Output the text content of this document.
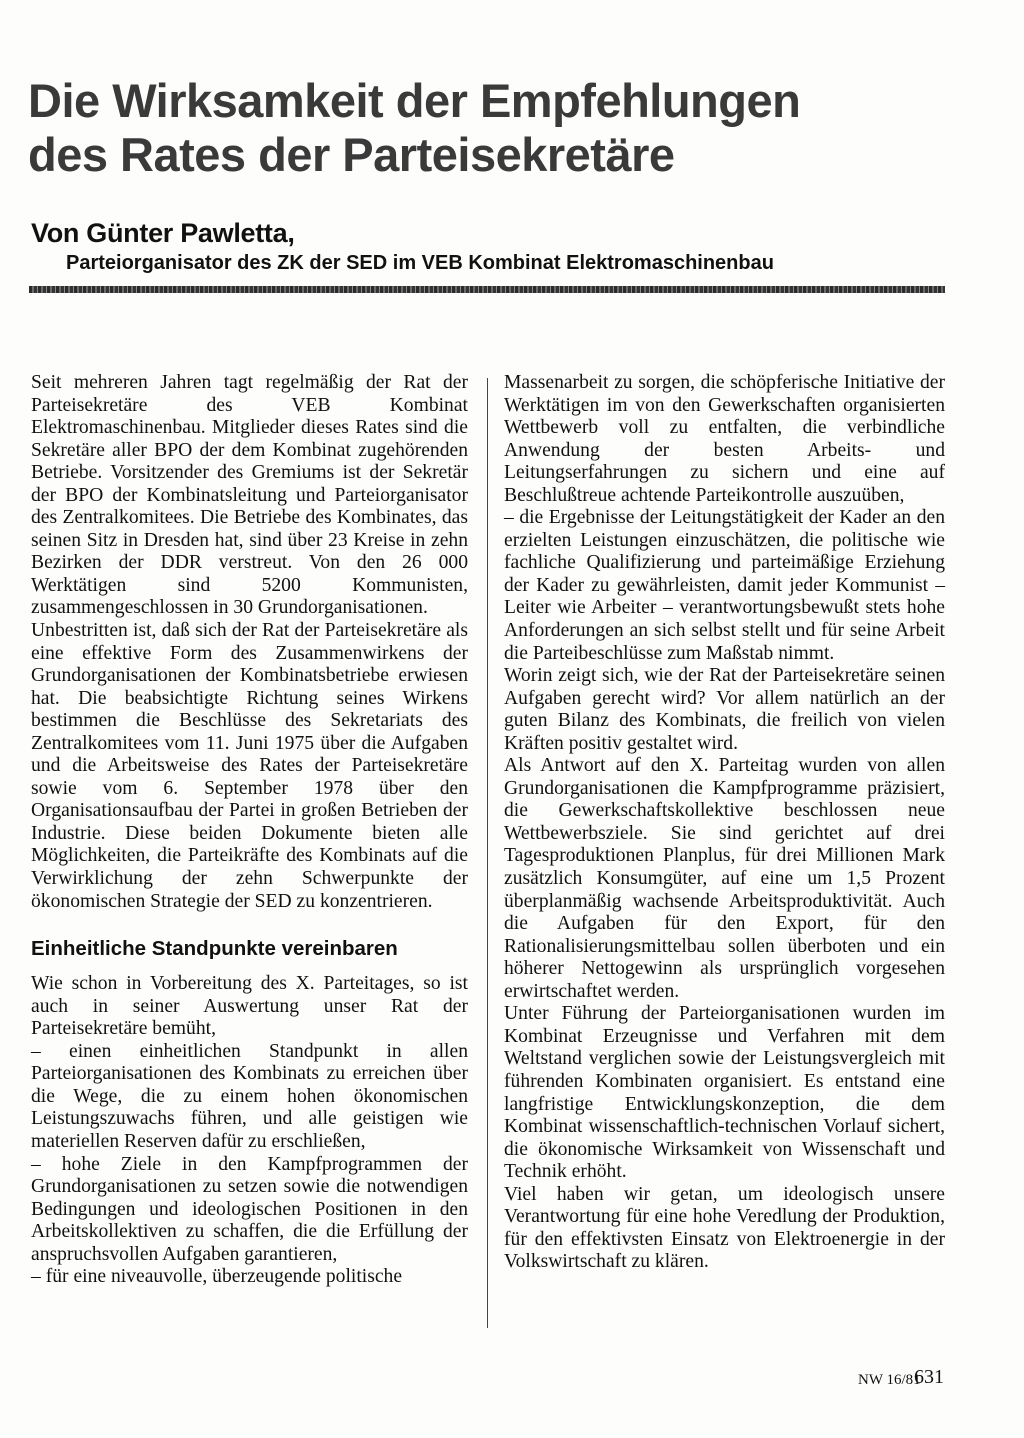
Die Wirksamkeit der Empfehlungen
des Rates der Parteisekretäre

Von Günter Pawletta,

Parteiorganisator des ZK der SED im VEB Kombinat Elektromaschinenbau

Seit mehreren Jahren tagt regelmäßig der Rat der Parteisekretäre des VEB Kombinat Elektromaschinenbau. Mitglieder dieses Rates sind die Sekretäre aller BPO der dem Kombinat zugehörenden Betriebe. Vorsitzender des Gremiums ist der Sekretär der BPO der Kombinatsleitung und Parteiorganisator des Zentralkomitees. Die Betriebe des Kombinates, das seinen Sitz in Dresden hat, sind über 23 Kreise in zehn Bezirken der DDR verstreut. Von den 26 000 Werktätigen sind 5200 Kommunisten, zusammengeschlossen in 30 Grundorganisationen.

Unbestritten ist, daß sich der Rat der Parteisekretäre als eine effektive Form des Zusammenwirkens der Grundorganisationen der Kombinatsbetriebe erwiesen hat. Die beabsichtigte Richtung seines Wirkens bestimmen die Beschlüsse des Sekretariats des Zentralkomitees vom 11. Juni 1975 über die Aufgaben und die Arbeitsweise des Rates der Parteisekretäre sowie vom 6. September 1978 über den Organisationsaufbau der Partei in großen Betrieben der Industrie. Diese beiden Dokumente bieten alle Möglichkeiten, die Parteikräfte des Kombinats auf die Verwirklichung der zehn Schwerpunkte der ökonomischen Strategie der SED zu konzentrieren.

Einheitliche Standpunkte vereinbaren

Wie schon in Vorbereitung des X. Parteitages, so ist auch in seiner Auswertung unser Rat der Parteisekretäre bemüht,

– einen einheitlichen Standpunkt in allen Parteiorganisationen des Kombinats zu erreichen über die Wege, die zu einem hohen ökonomischen Leistungszuwachs führen, und alle geistigen wie materiellen Reserven dafür zu erschließen,

– hohe Ziele in den Kampfprogrammen der Grundorganisationen zu setzen sowie die notwendigen Bedingungen und ideologischen Positionen in den Arbeitskollektiven zu schaffen, die die Erfüllung der anspruchsvollen Aufgaben garantieren,

– für eine niveauvolle, überzeugende politische

Massenarbeit zu sorgen, die schöpferische Initiative der Werktätigen im von den Gewerkschaften organisierten Wettbewerb voll zu entfalten, die verbindliche Anwendung der besten Arbeits- und Leitungserfahrungen zu sichern und eine auf Beschlußtreue achtende Parteikontrolle auszuüben,

– die Ergebnisse der Leitungstätigkeit der Kader an den erzielten Leistungen einzuschätzen, die politische wie fachliche Qualifizierung und parteimäßige Erziehung der Kader zu gewährleisten, damit jeder Kommunist – Leiter wie Arbeiter – verantwortungsbewußt stets hohe Anforderungen an sich selbst stellt und für seine Arbeit die Parteibeschlüsse zum Maßstab nimmt.

Worin zeigt sich, wie der Rat der Parteisekretäre seinen Aufgaben gerecht wird? Vor allem natürlich an der guten Bilanz des Kombinats, die freilich von vielen Kräften positiv gestaltet wird.

Als Antwort auf den X. Parteitag wurden von allen Grundorganisationen die Kampfprogramme präzisiert, die Gewerkschaftskollektive beschlossen neue Wettbewerbsziele. Sie sind gerichtet auf drei Tagesproduktionen Planplus, für drei Millionen Mark zusätzlich Konsumgüter, auf eine um 1,5 Prozent überplanmäßig wachsende Arbeitsproduktivität. Auch die Aufgaben für den Export, für den Rationalisierungsmittelbau sollen überboten und ein höherer Nettogewinn als ursprünglich vorgesehen erwirtschaftet werden.

Unter Führung der Parteiorganisationen wurden im Kombinat Erzeugnisse und Verfahren mit dem Weltstand verglichen sowie der Leistungsvergleich mit führenden Kombinaten organisiert. Es entstand eine langfristige Entwicklungskonzeption, die dem Kombinat wissenschaftlich-technischen Vorlauf sichert, die ökonomische Wirksamkeit von Wissenschaft und Technik erhöht.

Viel haben wir getan, um ideologisch unsere Verantwortung für eine hohe Veredlung der Produktion, für den effektivsten Einsatz von Elektroenergie in der Volkswirtschaft zu klären.

NW 16/81
631
